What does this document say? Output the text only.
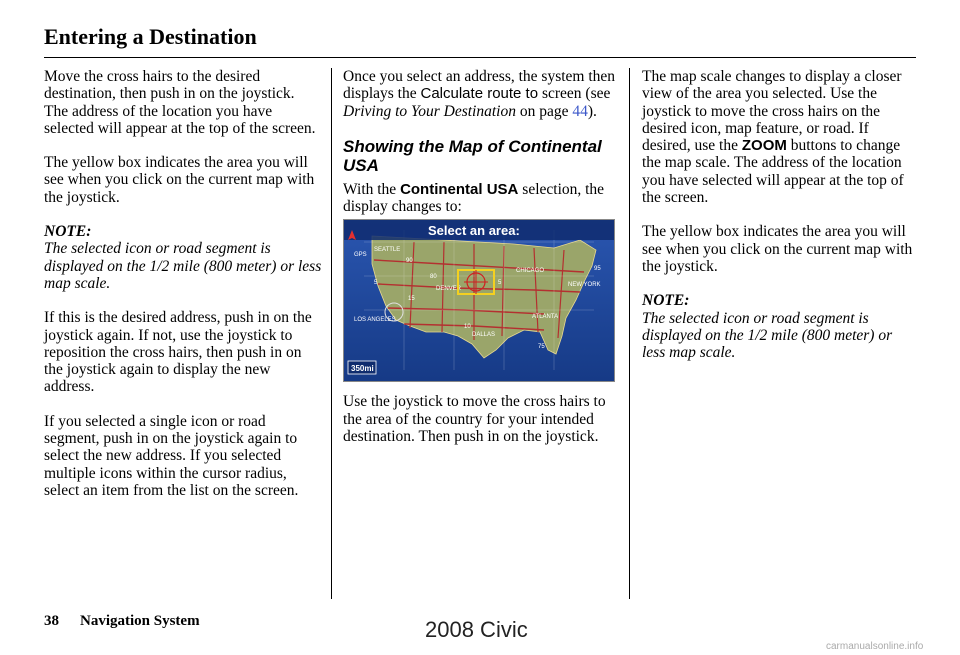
Entering a Destination

Move the cross hairs to the desired destination, then push in on the joystick. The address of the location you have selected will appear at the top of the screen.

The yellow box indicates the area you will see when you click on the current map with the joystick.

NOTE:
The selected icon or road segment is displayed on the 1/2 mile (800 meter) or less map scale.

If this is the desired address, push in on the joystick again. If not, use the joystick to reposition the cross hairs, then push in on the joystick again to display the new address.

If you selected a single icon or road segment, push in on the joystick again to select the new address. If you selected multiple icons within the cursor radius, select an item from the list on the screen.

Once you select an address, the system then displays the Calculate route to screen (see Driving to Your Destination on page 44).

Showing the Map of Continental USA
With the Continental USA selection, the display changes to:
Select an area:
GPS
SEATTLE
DENVER
CHICAGO
NEW YORK
LOS ANGELES
DALLAS
ATLANTA
90
80
95
5
15
10
75
5
350mi

Use the joystick to move the cross hairs to the area of the country for your intended destination. Then push in on the joystick.

The map scale changes to display a closer view of the area you selected. Use the joystick to move the cross hairs on the desired icon, map feature, or road. If desired, use the ZOOM buttons to change the map scale. The address of the location you have selected will appear at the top of the screen.

The yellow box indicates the area you will see when you click on the current map with the joystick.

NOTE:
The selected icon or road segment is displayed on the 1/2 mile (800 meter) or less map scale.
38 Navigation System	2008 Civic
carmanualsonline.info
